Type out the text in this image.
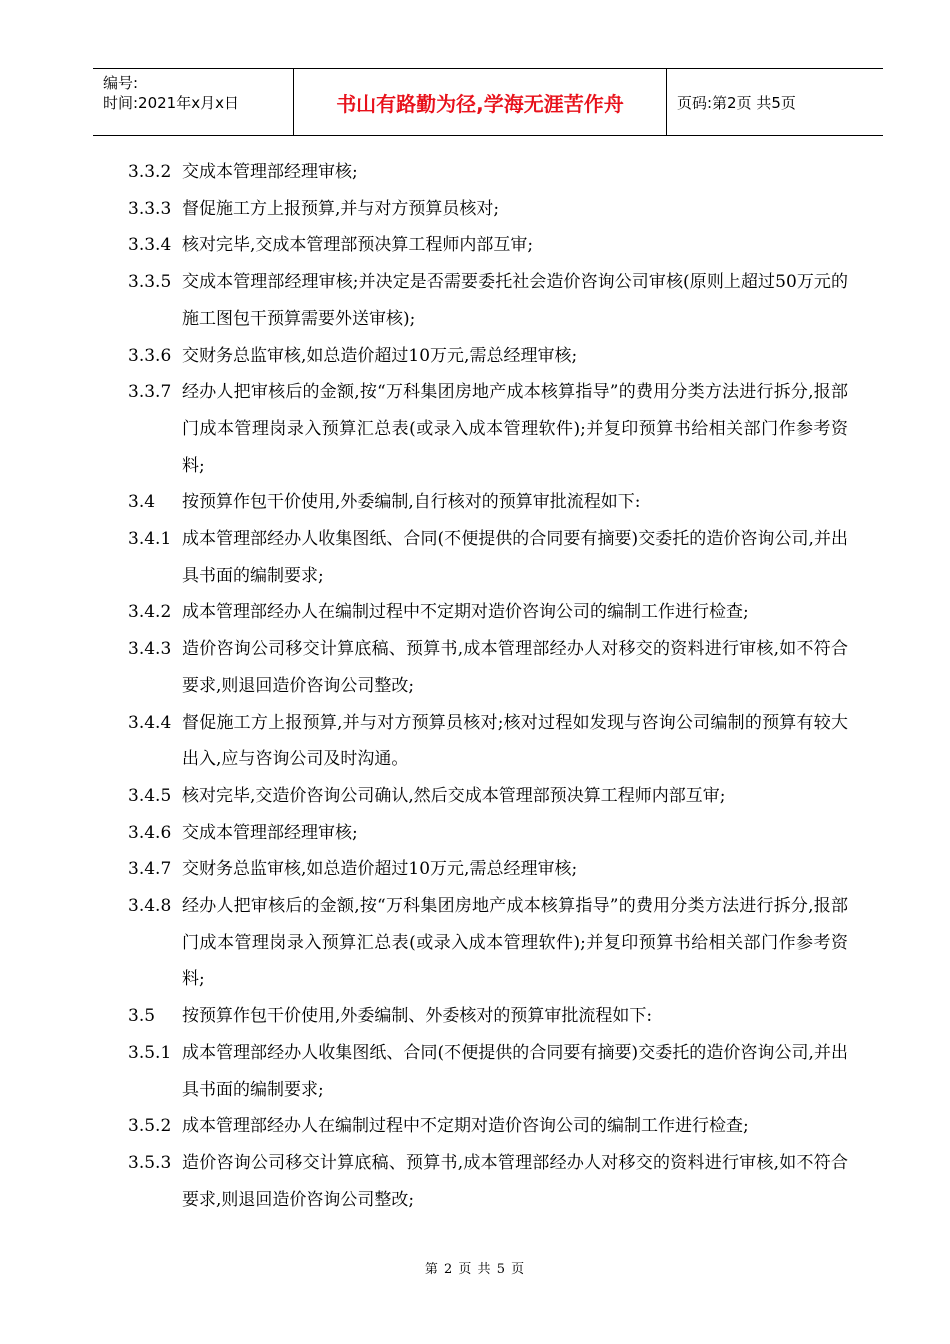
编号:
时间:2021年x月x日	书山有路勤为径,学海无涯苦作舟	页码:第2页 共5页
3.3.2 交成本管理部经理审核;
3.3.3 督促施工方上报预算,并与对方预算员核对;
3.3.4 核对完毕,交成本管理部预决算工程师内部互审;
3.3.5 交成本管理部经理审核;并决定是否需要委托社会造价咨询公司审核(原则上超过50万元的施工图包干预算需要外送审核);
3.3.6 交财务总监审核,如总造价超过10万元,需总经理审核;
3.3.7 经办人把审核后的金额,按“万科集团房地产成本核算指导”的费用分类方法进行拆分,报部门成本管理岗录入预算汇总表(或录入成本管理软件);并复印预算书给相关部门作参考资料;
3.4	按预算作包干价使用,外委编制,自行核对的预算审批流程如下:
3.4.1 成本管理部经办人收集图纸、合同(不便提供的合同要有摘要)交委托的造价咨询公司,并出具书面的编制要求;
3.4.2 成本管理部经办人在编制过程中不定期对造价咨询公司的编制工作进行检查;
3.4.3 造价咨询公司移交计算底稿、预算书,成本管理部经办人对移交的资料进行审核,如不符合要求,则退回造价咨询公司整改;
3.4.4 督促施工方上报预算,并与对方预算员核对;核对过程如发现与咨询公司编制的预算有较大出入,应与咨询公司及时沟通。
3.4.5 核对完毕,交造价咨询公司确认,然后交成本管理部预决算工程师内部互审;
3.4.6 交成本管理部经理审核;
3.4.7 交财务总监审核,如总造价超过10万元,需总经理审核;
3.4.8 经办人把审核后的金额,按“万科集团房地产成本核算指导”的费用分类方法进行拆分,报部门成本管理岗录入预算汇总表(或录入成本管理软件);并复印预算书给相关部门作参考资料;
3.5	按预算作包干价使用,外委编制、外委核对的预算审批流程如下:
3.5.1 成本管理部经办人收集图纸、合同(不便提供的合同要有摘要)交委托的造价咨询公司,并出具书面的编制要求;
3.5.2 成本管理部经办人在编制过程中不定期对造价咨询公司的编制工作进行检查;
3.5.3 造价咨询公司移交计算底稿、预算书,成本管理部经办人对移交的资料进行审核,如不符合要求,则退回造价咨询公司整改;
第 2 页 共 5 页
